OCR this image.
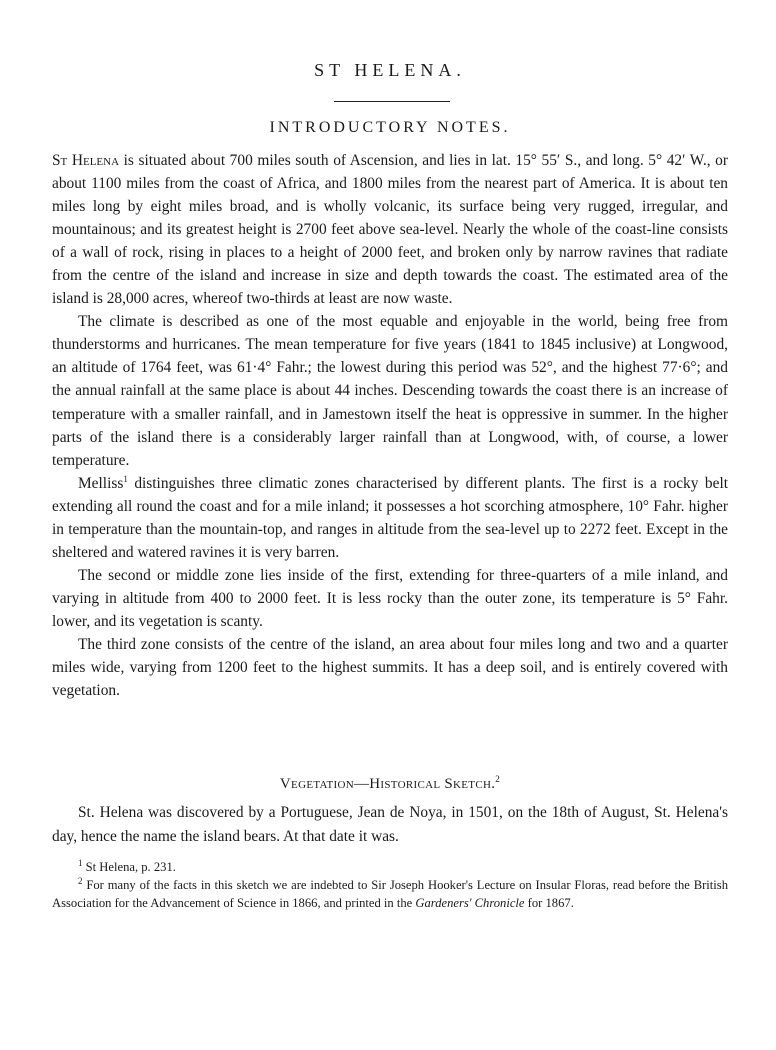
ST HELENA.
INTRODUCTORY NOTES.

St Helena is situated about 700 miles south of Ascension, and lies in lat. 15° 55′ S., and long. 5° 42′ W., or about 1100 miles from the coast of Africa, and 1800 miles from the nearest part of America. It is about ten miles long by eight miles broad, and is wholly volcanic, its surface being very rugged, irregular, and mountainous; and its greatest height is 2700 feet above sea-level. Nearly the whole of the coast-line consists of a wall of rock, rising in places to a height of 2000 feet, and broken only by narrow ravines that radiate from the centre of the island and increase in size and depth towards the coast. The estimated area of the island is 28,000 acres, whereof two-thirds at least are now waste.

The climate is described as one of the most equable and enjoyable in the world, being free from thunderstorms and hurricanes. The mean temperature for five years (1841 to 1845 inclusive) at Longwood, an altitude of 1764 feet, was 61·4° Fahr.; the lowest during this period was 52°, and the highest 77·6°; and the annual rainfall at the same place is about 44 inches. Descending towards the coast there is an increase of temperature with a smaller rainfall, and in Jamestown itself the heat is oppressive in summer. In the higher parts of the island there is a considerably larger rainfall than at Longwood, with, of course, a lower temperature.

Melliss$^1$ distinguishes three climatic zones characterised by different plants. The first is a rocky belt extending all round the coast and for a mile inland; it possesses a hot scorching atmosphere, 10° Fahr. higher in temperature than the mountain-top, and ranges in altitude from the sea-level up to 2272 feet. Except in the sheltered and watered ravines it is very barren.

The second or middle zone lies inside of the first, extending for three-quarters of a mile inland, and varying in altitude from 400 to 2000 feet. It is less rocky than the outer zone, its temperature is 5° Fahr. lower, and its vegetation is scanty.

The third zone consists of the centre of the island, an area about four miles long and two and a quarter miles wide, varying from 1200 feet to the highest summits. It has a deep soil, and is entirely covered with vegetation.

Vegetation—Historical Sketch.$^2$

St. Helena was discovered by a Portuguese, Jean de Noya, in 1501, on the 18th of August, St. Helena's day, hence the name the island bears. At that date it was.

$^1$ St Helena, p. 231.

$^2$ For many of the facts in this sketch we are indebted to Sir Joseph Hooker's Lecture on Insular Floras, read before the British Association for the Advancement of Science in 1866, and printed in the Gardeners' Chronicle for 1867.
